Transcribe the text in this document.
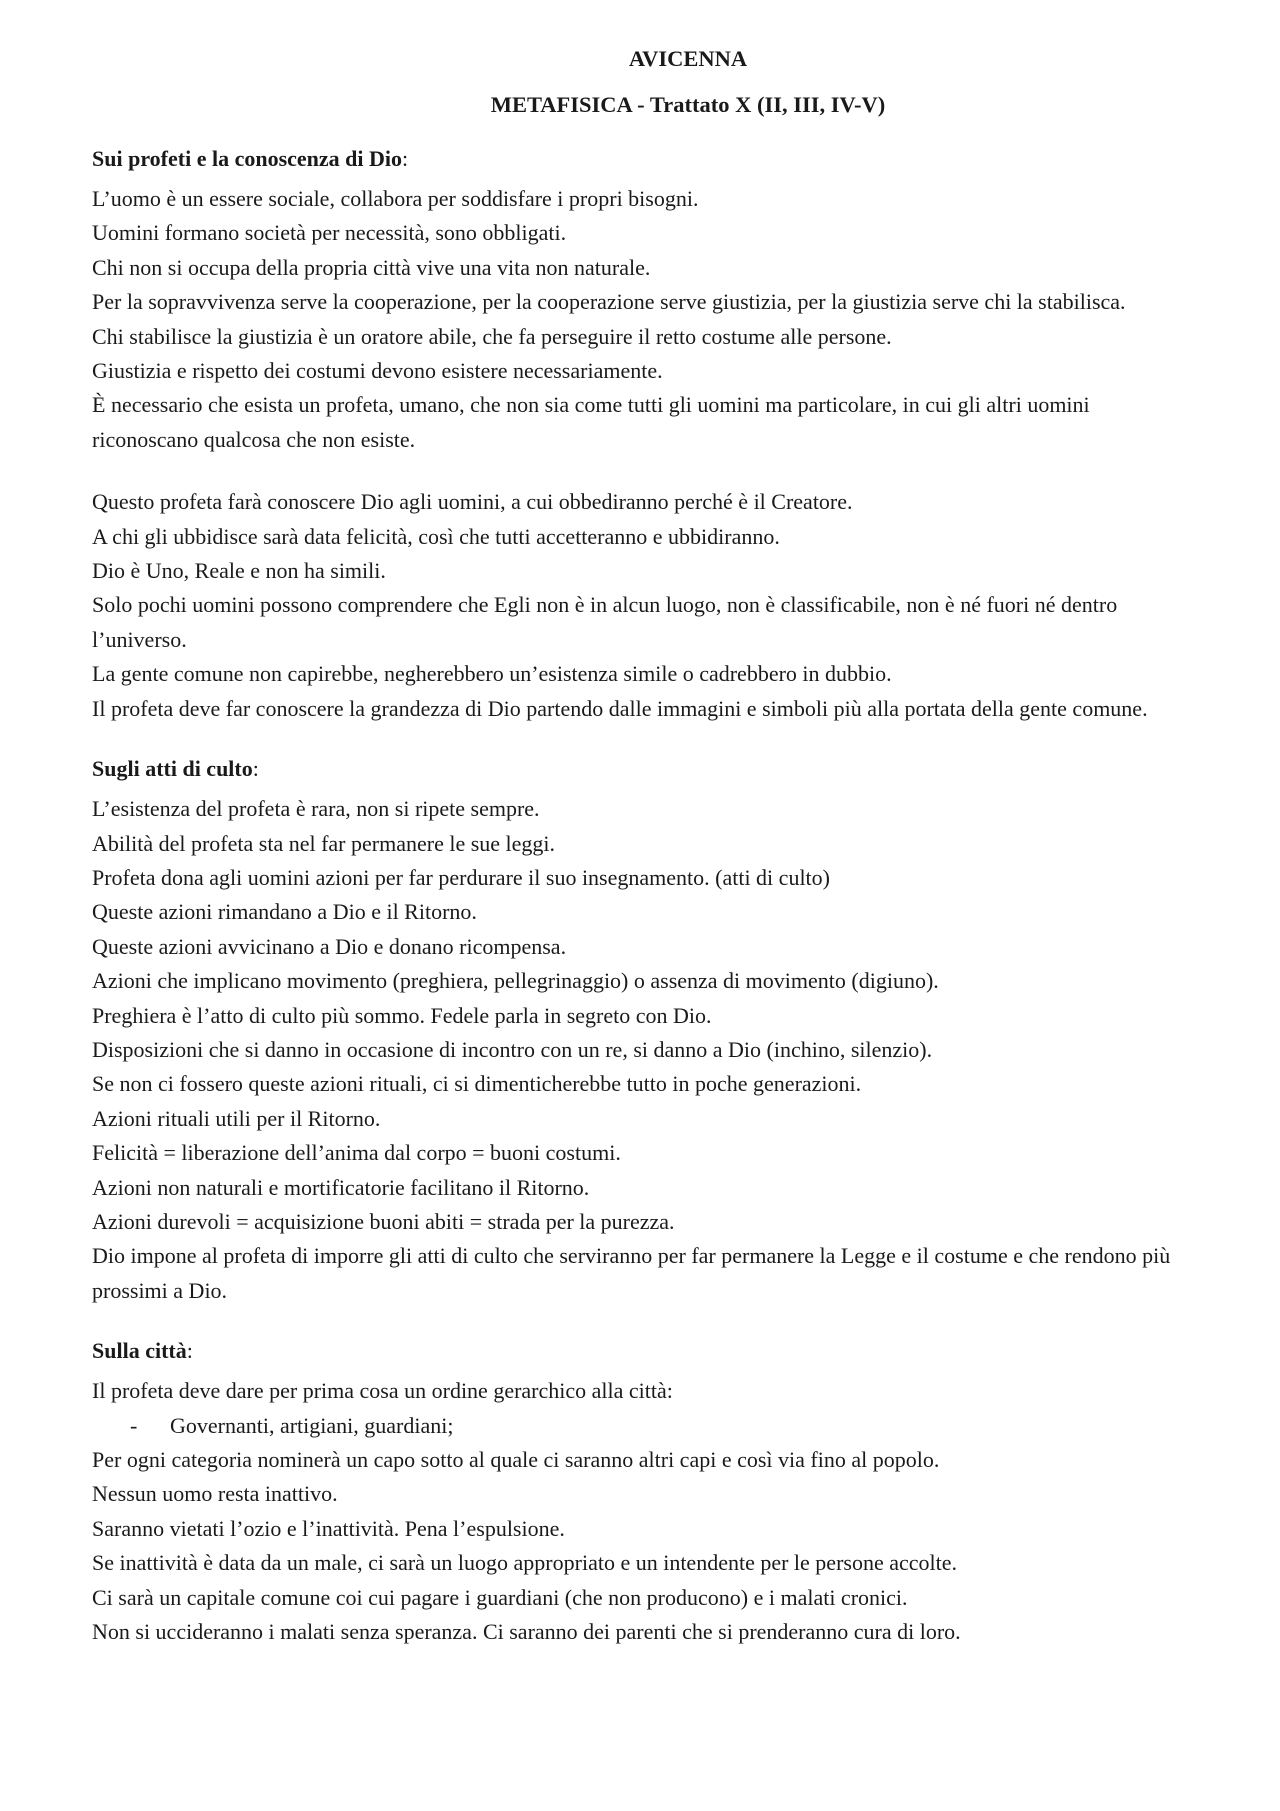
AVICENNA
METAFISICA - Trattato X (II, III, IV-V)

Sui profeti e la conoscenza di Dio:

L’uomo è un essere sociale, collabora per soddisfare i propri bisogni.

Uomini formano società per necessità, sono obbligati.

Chi non si occupa della propria città vive una vita non naturale.

Per la sopravvivenza serve la cooperazione, per la cooperazione serve giustizia, per la giustizia serve chi la stabilisca.

Chi stabilisce la giustizia è un oratore abile, che fa perseguire il retto costume alle persone.

Giustizia e rispetto dei costumi devono esistere necessariamente.

È necessario che esista un profeta, umano, che non sia come tutti gli uomini ma particolare, in cui gli altri uomini riconoscano qualcosa che non esiste.

Questo profeta farà conoscere Dio agli uomini, a cui obbediranno perché è il Creatore.

A chi gli ubbidisce sarà data felicità, così che tutti accetteranno e ubbidiranno.

Dio è Uno, Reale e non ha simili.

Solo pochi uomini possono comprendere che Egli non è in alcun luogo, non è classificabile, non è né fuori né dentro l’universo.

La gente comune non capirebbe, negherebbero un’esistenza simile o cadrebbero in dubbio.

Il profeta deve far conoscere la grandezza di Dio partendo dalle immagini e simboli più alla portata della gente comune.

Sugli atti di culto:

L’esistenza del profeta è rara, non si ripete sempre.

Abilità del profeta sta nel far permanere le sue leggi.

Profeta dona agli uomini azioni per far perdurare il suo insegnamento. (atti di culto)

Queste azioni rimandano a Dio e il Ritorno.

Queste azioni avvicinano a Dio e donano ricompensa.

Azioni che implicano movimento (preghiera, pellegrinaggio) o assenza di movimento (digiuno).

Preghiera è l’atto di culto più sommo. Fedele parla in segreto con Dio.

Disposizioni che si danno in occasione di incontro con un re, si danno a Dio (inchino, silenzio).

Se non ci fossero queste azioni rituali, ci si dimenticherebbe tutto in poche generazioni.

Azioni rituali utili per il Ritorno.

Felicità = liberazione dell’anima dal corpo = buoni costumi.

Azioni non naturali e mortificatorie facilitano il Ritorno.

Azioni durevoli = acquisizione buoni abiti = strada per la purezza.

Dio impone al profeta di imporre gli atti di culto che serviranno per far permanere la Legge e il costume e che rendono più prossimi a Dio.

Sulla città:

Il profeta deve dare per prima cosa un ordine gerarchico alla città:

- Governanti, artigiani, guardiani;

Per ogni categoria nominerà un capo sotto al quale ci saranno altri capi e così via fino al popolo.

Nessun uomo resta inattivo.

Saranno vietati l’ozio e l’inattività. Pena l’espulsione.

Se inattività è data da un male, ci sarà un luogo appropriato e un intendente per le persone accolte.

Ci sarà un capitale comune coi cui pagare i guardiani (che non producono) e i malati cronici.

Non si uccideranno i malati senza speranza. Ci saranno dei parenti che si prenderanno cura di loro.
